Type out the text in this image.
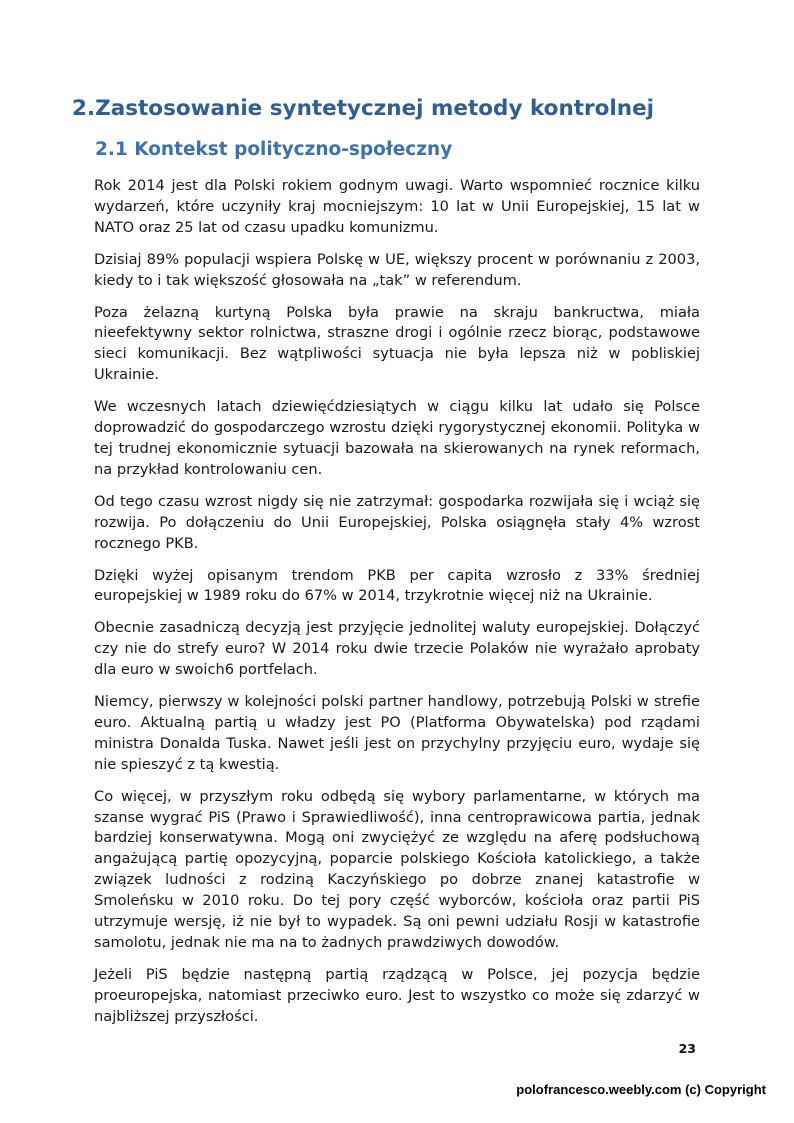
2.Zastosowanie syntetycznej metody kontrolnej
2.1 Kontekst polityczno-społeczny

Rok 2014 jest dla Polski rokiem godnym uwagi. Warto wspomnieć rocznice kilku wydarzeń, które uczyniły kraj mocniejszym: 10 lat w Unii Europejskiej, 15 lat w NATO oraz 25 lat od czasu upadku komunizmu.

Dzisiaj 89% populacji wspiera Polskę w UE, większy procent w porównaniu z 2003, kiedy to i tak większość głosowała na „tak” w referendum.

Poza żelazną kurtyną Polska była prawie na skraju bankructwa, miała nieefektywny sektor rolnictwa, straszne drogi i ogólnie rzecz biorąc, podstawowe sieci komunikacji. Bez wątpliwości sytuacja nie była lepsza niż w pobliskiej Ukrainie.

We wczesnych latach dziewięćdziesiątych w ciągu kilku lat udało się Polsce doprowadzić do gospodarczego wzrostu dzięki rygorystycznej ekonomii. Polityka w tej trudnej ekonomicznie sytuacji bazowała na skierowanych na rynek reformach, na przykład kontrolowaniu cen.

Od tego czasu wzrost nigdy się nie zatrzymał: gospodarka rozwijała się i wciąż się rozwija. Po dołączeniu do Unii Europejskiej, Polska osiągnęła stały 4% wzrost rocznego PKB.

Dzięki wyżej opisanym trendom PKB per capita wzrosło z 33% średniej europejskiej w 1989 roku do 67% w 2014, trzykrotnie więcej niż na Ukrainie.

Obecnie zasadniczą decyzją jest przyjęcie jednolitej waluty europejskiej. Dołączyć czy nie do strefy euro? W 2014 roku dwie trzecie Polaków nie wyrażało aprobaty dla euro w swoich6 portfelach.

Niemcy, pierwszy w kolejności polski partner handlowy, potrzebują Polski w strefie euro. Aktualną partią u władzy jest PO (Platforma Obywatelska) pod rządami ministra Donalda Tuska. Nawet jeśli jest on przychylny przyjęciu euro, wydaje się nie spieszyć z tą kwestią.

Co więcej, w przyszłym roku odbędą się wybory parlamentarne, w których ma szanse wygrać PiS (Prawo i Sprawiedliwość), inna centroprawicowa partia, jednak bardziej konserwatywna. Mogą oni zwyciężyć ze względu na aferę podsłuchową angażującą partię opozycyjną, poparcie polskiego Kościoła katolickiego, a także związek ludności z rodziną Kaczyńskiego po dobrze znanej katastrofie w Smoleńsku w 2010 roku. Do tej pory część wyborców, kościoła oraz partii PiS utrzymuje wersję, iż nie był to wypadek. Są oni pewni udziału Rosji w katastrofie samolotu, jednak nie ma na to żadnych prawdziwych dowodów.

Jeżeli PiS będzie następną partią rządzącą w Polsce, jej pozycja będzie proeuropejska, natomiast przeciwko euro. Jest to wszystko co może się zdarzyć w najbliższej przyszłości.

23
polofrancesco.weebly.com (c) Copyright
